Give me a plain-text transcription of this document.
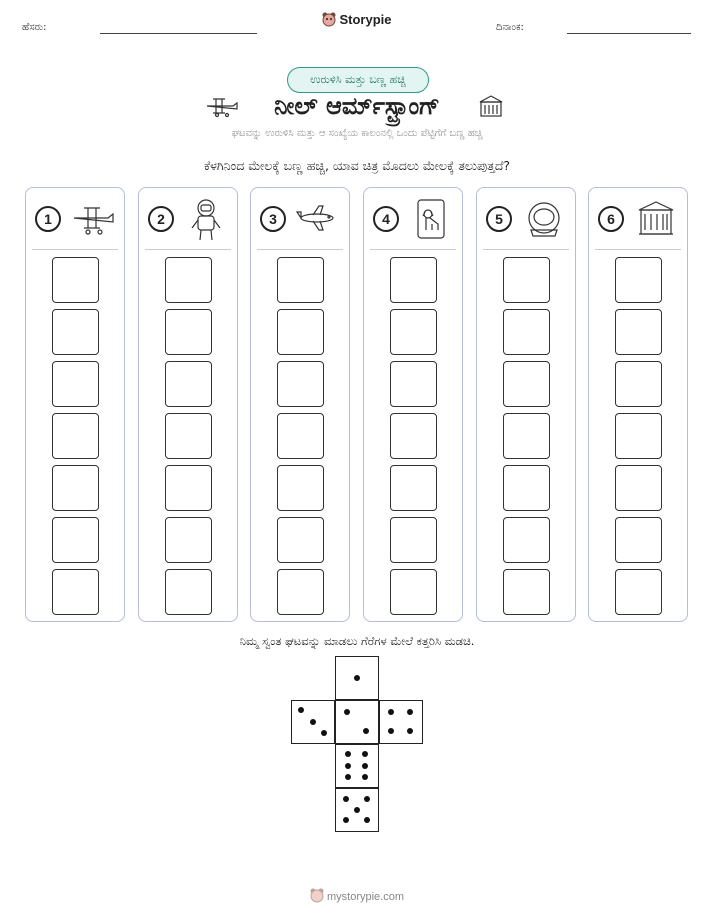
ಹೆಸರು:
Storypie
ದಿನಾಂಕ:
ಉರುಳಿಸಿ ಮತ್ತು ಬಣ್ಣ ಹಚ್ಚಿ
ನೀಲ್ ಆರ್ಮ್‌ಸ್ಟ್ರಾಂಗ್
ಘಟವನ್ನು ಉರುಳಿಸಿ ಮತ್ತು ಆ ಸಂಖ್ಯೆಯ ಕಾಲಂನಲ್ಲಿ ಒಂದು ಪೆಟ್ಟಿಗೆಗೆ ಬಣ್ಣ ಹಚ್ಚಿ
ಕೆಳಗಿನಿಂದ ಮೇಲಕ್ಕೆ ಬಣ್ಣ ಹಚ್ಚಿ, ಯಾವ ಚಿತ್ರ ಮೊದಲು ಮೇಲಕ್ಕೆ ತಲುಪುತ್ತದೆ?
1	2	3	4	5	6
ನಿಮ್ಮ ಸ್ವಂತ ಘಟವನ್ನು ಮಾಡಲು ಗೆರೆಗಳ ಮೇಲೆ ಕತ್ತರಿಸಿ ಮಡಚಿ.
mystorypie.com
